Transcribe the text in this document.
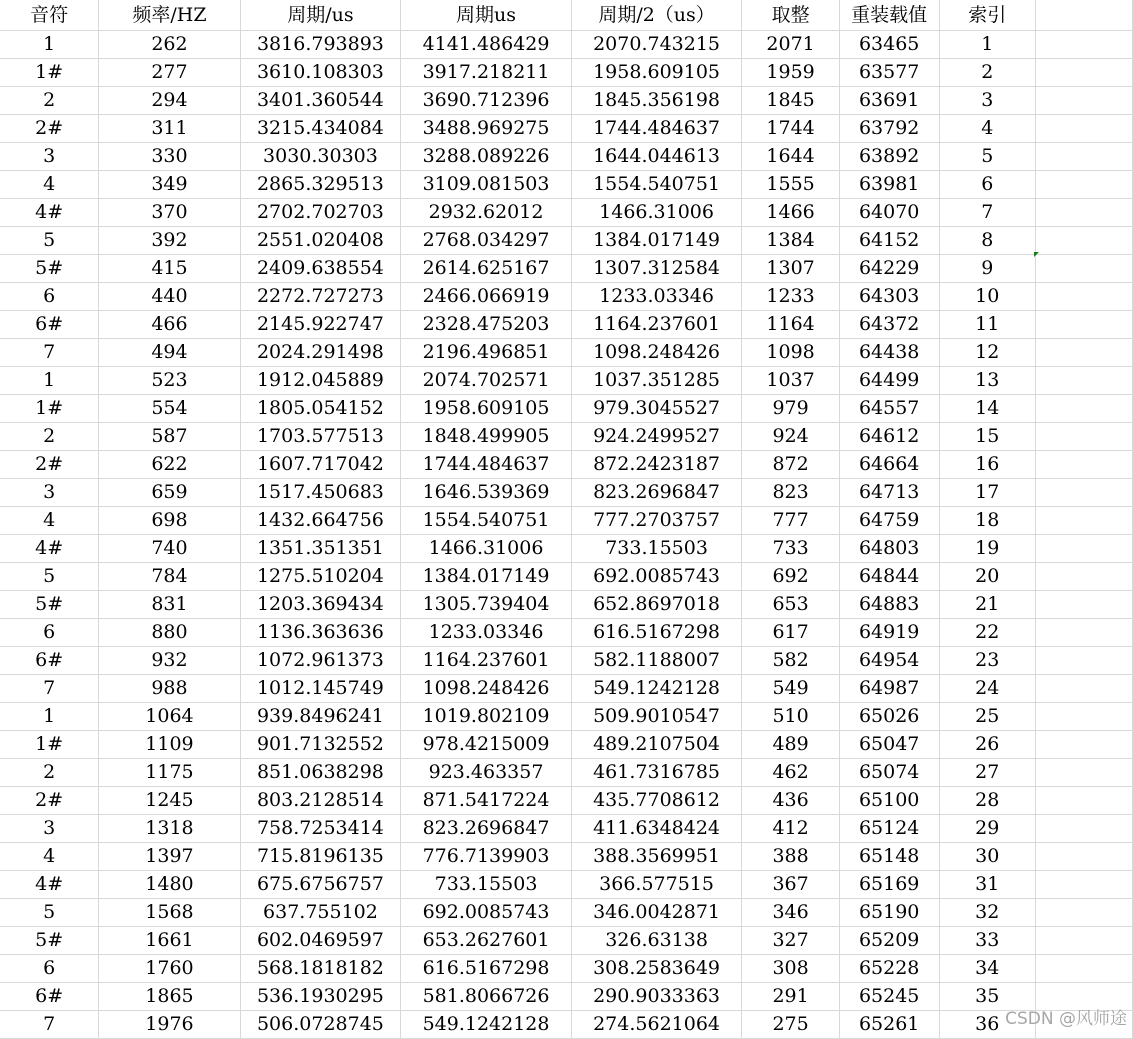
音符	频率/HZ	周期/us	周期us	周期/2（us）	取整	重装载值	索引	
1	262	3816.793893	4141.486429	2070.743215	2071	63465	1	
1#	277	3610.108303	3917.218211	1958.609105	1959	63577	2	
2	294	3401.360544	3690.712396	1845.356198	1845	63691	3	
2#	311	3215.434084	3488.969275	1744.484637	1744	63792	4	
3	330	3030.30303	3288.089226	1644.044613	1644	63892	5	
4	349	2865.329513	3109.081503	1554.540751	1555	63981	6	
4#	370	2702.702703	2932.62012	1466.31006	1466	64070	7	
5	392	2551.020408	2768.034297	1384.017149	1384	64152	8	
5#	415	2409.638554	2614.625167	1307.312584	1307	64229	9	
6	440	2272.727273	2466.066919	1233.03346	1233	64303	10	
6#	466	2145.922747	2328.475203	1164.237601	1164	64372	11	
7	494	2024.291498	2196.496851	1098.248426	1098	64438	12	
1	523	1912.045889	2074.702571	1037.351285	1037	64499	13	
1#	554	1805.054152	1958.609105	979.3045527	979	64557	14	
2	587	1703.577513	1848.499905	924.2499527	924	64612	15	
2#	622	1607.717042	1744.484637	872.2423187	872	64664	16	
3	659	1517.450683	1646.539369	823.2696847	823	64713	17	
4	698	1432.664756	1554.540751	777.2703757	777	64759	18	
4#	740	1351.351351	1466.31006	733.15503	733	64803	19	
5	784	1275.510204	1384.017149	692.0085743	692	64844	20	
5#	831	1203.369434	1305.739404	652.8697018	653	64883	21	
6	880	1136.363636	1233.03346	616.5167298	617	64919	22	
6#	932	1072.961373	1164.237601	582.1188007	582	64954	23	
7	988	1012.145749	1098.248426	549.1242128	549	64987	24	
1	1064	939.8496241	1019.802109	509.9010547	510	65026	25	
1#	1109	901.7132552	978.4215009	489.2107504	489	65047	26	
2	1175	851.0638298	923.463357	461.7316785	462	65074	27	
2#	1245	803.2128514	871.5417224	435.7708612	436	65100	28	
3	1318	758.7253414	823.2696847	411.6348424	412	65124	29	
4	1397	715.8196135	776.7139903	388.3569951	388	65148	30	
4#	1480	675.6756757	733.15503	366.577515	367	65169	31	
5	1568	637.755102	692.0085743	346.0042871	346	65190	32	
5#	1661	602.0469597	653.2627601	326.63138	327	65209	33	
6	1760	568.1818182	616.5167298	308.2583649	308	65228	34	
6#	1865	536.1930295	581.8066726	290.9033363	291	65245	35	
7	1976	506.0728745	549.1242128	274.5621064	275	65261	36	CSDN @风师途
